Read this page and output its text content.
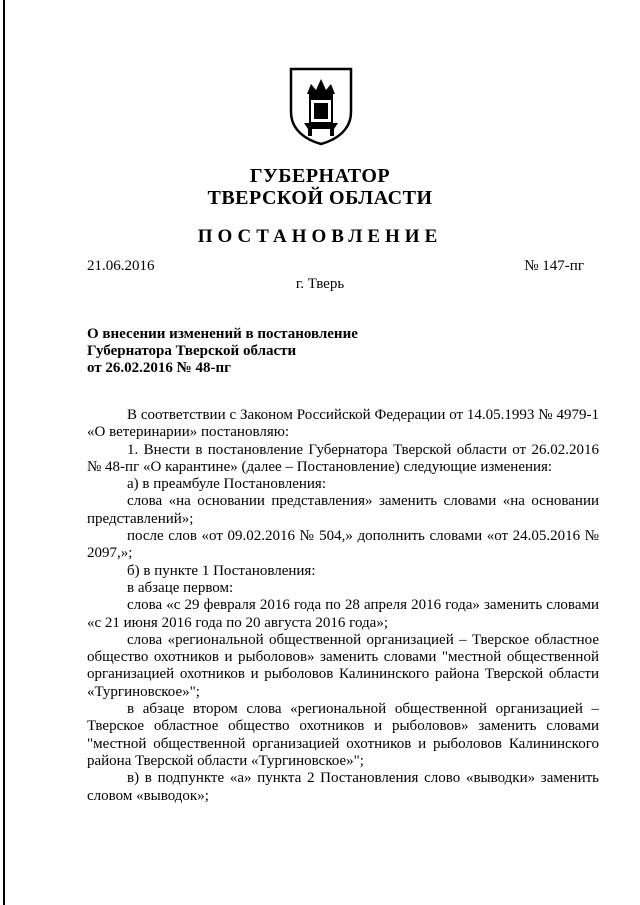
ГУБЕРНАТОР
ТВЕРСКОЙ ОБЛАСТИ
ПОСТАНОВЛЕНИЕ
21.06.2016	№ 147-пг
г. Тверь
О внесении изменений в постановление
Губернатора Тверской области
от 26.02.2016 № 48-пг

В соответствии с Законом Российской Федерации от 14.05.1993 № 4979-1 «О ветеринарии» постановляю:

1. Внести в постановление Губернатора Тверской области от 26.02.2016 № 48-пг «О карантине» (далее – Постановление) следующие изменения:

а) в преамбуле Постановления:

слова «на основании представления» заменить словами «на основании представлений»;

после слов «от 09.02.2016 № 504,» дополнить словами «от 24.05.2016 № 2097,»;

б) в пункте 1 Постановления:

в абзаце первом:

слова «с 29 февраля 2016 года по 28 апреля 2016 года» заменить словами «с 21 июня 2016 года по 20 августа 2016 года»;

слова «региональной общественной организацией – Тверское областное общество охотников и рыболовов» заменить словами "местной общественной организацией охотников и рыболовов Калининского района Тверской области «Тургиновское»";

в абзаце втором слова «региональной общественной организацией – Тверское областное общество охотников и рыболовов» заменить словами "местной общественной организацией охотников и рыболовов Калининского района Тверской области «Тургиновское»";

в) в подпункте «а» пункта 2 Постановления слово «выводки» заменить словом «выводок»;
